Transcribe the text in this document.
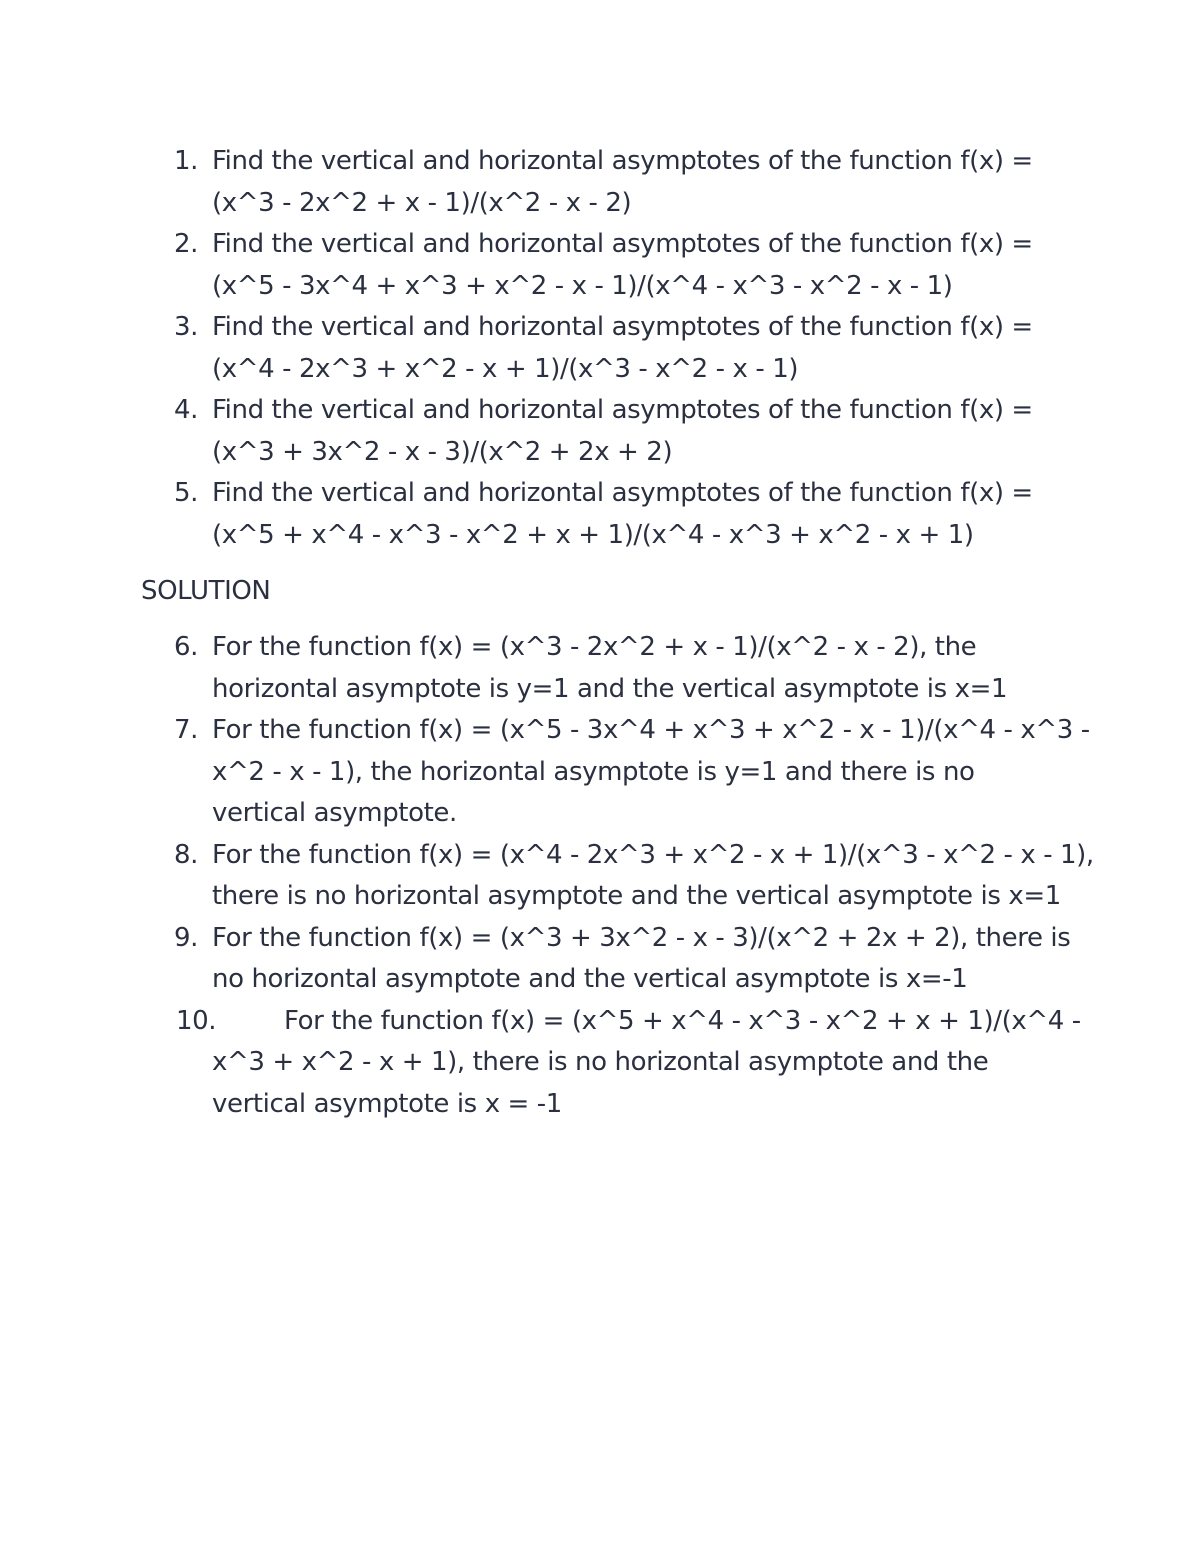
1. Find the vertical and horizontal asymptotes of the function f(x) =
(x^3 - 2x^2 + x - 1)/(x^2 - x - 2)
2. Find the vertical and horizontal asymptotes of the function f(x) =
(x^5 - 3x^4 + x^3 + x^2 - x - 1)/(x^4 - x^3 - x^2 - x - 1)
3. Find the vertical and horizontal asymptotes of the function f(x) =
(x^4 - 2x^3 + x^2 - x + 1)/(x^3 - x^2 - x - 1)
4. Find the vertical and horizontal asymptotes of the function f(x) =
(x^3 + 3x^2 - x - 3)/(x^2 + 2x + 2)
5. Find the vertical and horizontal asymptotes of the function f(x) =
(x^5 + x^4 - x^3 - x^2 + x + 1)/(x^4 - x^3 + x^2 - x + 1)
SOLUTION
6. For the function f(x) = (x^3 - 2x^2 + x - 1)/(x^2 - x - 2), the
horizontal asymptote is y=1 and the vertical asymptote is x=1
7. For the function f(x) = (x^5 - 3x^4 + x^3 + x^2 - x - 1)/(x^4 - x^3 -
x^2 - x - 1), the horizontal asymptote is y=1 and there is no
vertical asymptote.
8. For the function f(x) = (x^4 - 2x^3 + x^2 - x + 1)/(x^3 - x^2 - x - 1),
there is no horizontal asymptote and the vertical asymptote is x=1
9. For the function f(x) = (x^3 + 3x^2 - x - 3)/(x^2 + 2x + 2), there is
no horizontal asymptote and the vertical asymptote is x=-1
10.	For the function f(x) = (x^5 + x^4 - x^3 - x^2 + x + 1)/(x^4 -
x^3 + x^2 - x + 1), there is no horizontal asymptote and the
vertical asymptote is x = -1
